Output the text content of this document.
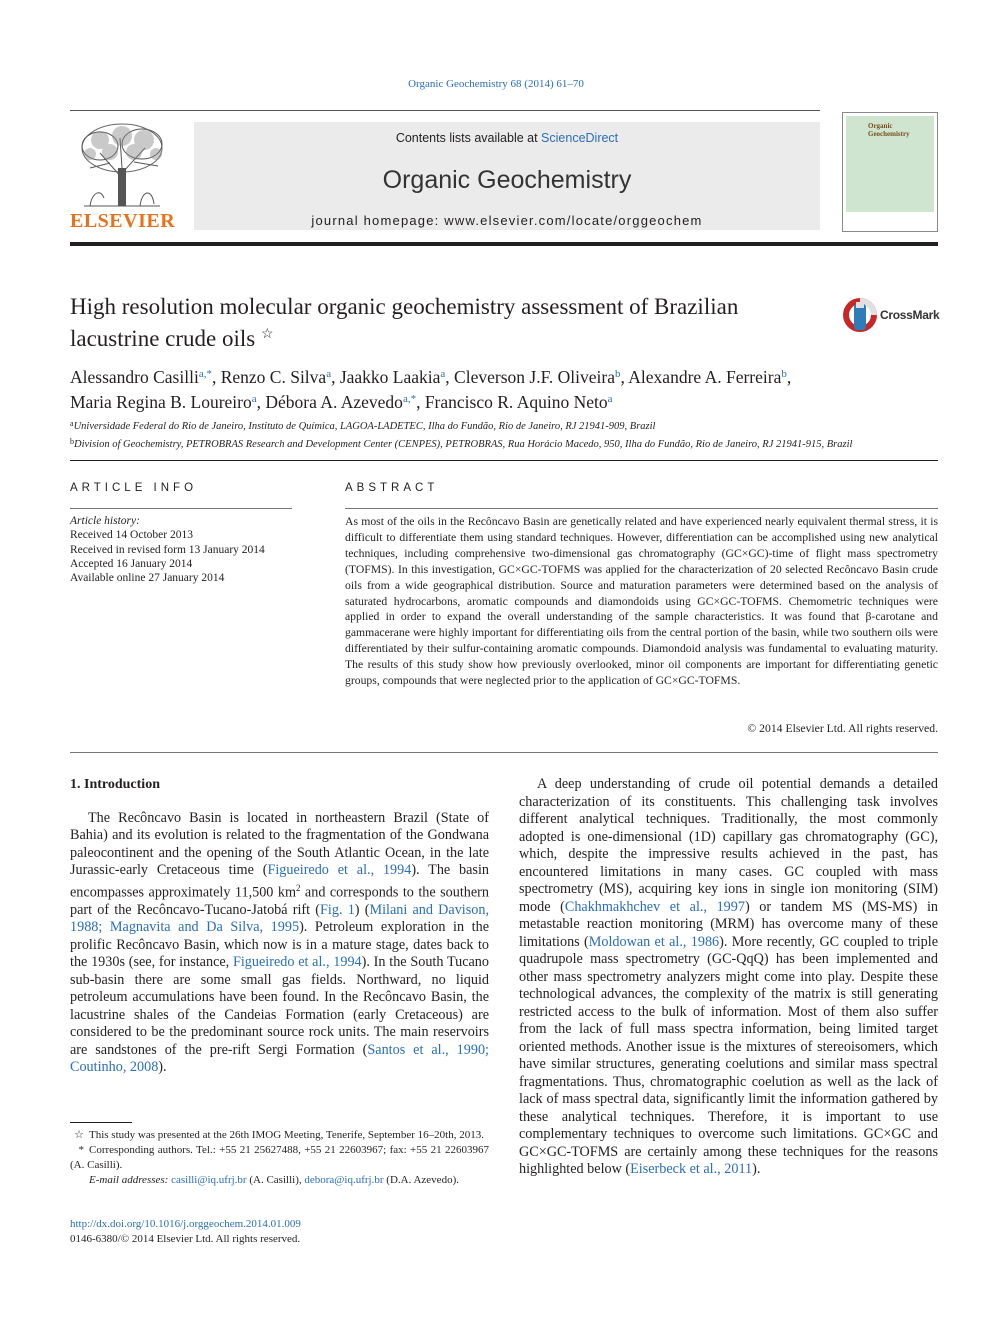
Organic Geochemistry 68 (2014) 61–70
ELSEVIER
Contents lists available at ScienceDirect
Organic Geochemistry
journal homepage: www.elsevier.com/locate/orggeochem
Organic
Geochemistry
High resolution molecular organic geochemistry assessment of Brazilian
lacustrine crude oils ☆
CrossMark
Alessandro Casilli$^{a,*}$, Renzo C. Silva$^a$, Jaakko Laakia$^a$, Cleverson J.F. Oliveira$^b$, Alexandre A. Ferreira$^b$,
Maria Regina B. Loureiro$^a$, Débora A. Azevedo$^{a,*}$, Francisco R. Aquino Neto$^a$
$^a$Universidade Federal do Rio de Janeiro, Instituto de Química, LAGOA-LADETEC, Ilha do Fundão, Rio de Janeiro, RJ 21941-909, Brazil
$^b$Division of Geochemistry, PETROBRAS Research and Development Center (CENPES), PETROBRAS, Rua Horácio Macedo, 950, Ilha do Fundão, Rio de Janeiro, RJ 21941-915, Brazil
ARTICLE INFO	ABSTRACT
Article history:
Received 14 October 2013
Received in revised form 13 January 2014
Accepted 16 January 2014
Available online 27 January 2014
As most of the oils in the Recôncavo Basin are genetically related and have experienced nearly equivalent thermal stress, it is difficult to differentiate them using standard techniques. However, differentiation can be accomplished using new analytical techniques, including comprehensive two-dimensional gas chromatography (GC×GC)-time of flight mass spectrometry (TOFMS). In this investigation, GC×GC-TOFMS was applied for the characterization of 20 selected Recôncavo Basin crude oils from a wide geographical distribution. Source and maturation parameters were determined based on the analysis of saturated hydrocarbons, aromatic compounds and diamondoids using GC×GC-TOFMS. Chemometric techniques were applied in order to expand the overall understanding of the sample characteristics. It was found that β-carotane and gammacerane were highly important for differentiating oils from the central portion of the basin, while two southern oils were differentiated by their sulfur-containing aromatic compounds. Diamondoid analysis was fundamental to evaluating maturity. The results of this study show how previously overlooked, minor oil components are important for differentiating genetic groups, compounds that were neglected prior to the application of GC×GC-TOFMS.
© 2014 Elsevier Ltd. All rights reserved.
1. Introduction

The Recôncavo Basin is located in northeastern Brazil (State of Bahia) and its evolution is related to the fragmentation of the Gondwana paleocontinent and the opening of the South Atlantic Ocean, in the late Jurassic-early Cretaceous time (Figueiredo et al., 1994). The basin encompasses approximately 11,500 $km^2$ and corresponds to the southern part of the Recôncavo-Tucano-Jatobá rift (Fig. 1) (Milani and Davison, 1988; Magnavita and Da Silva, 1995). Petroleum exploration in the prolific Recôncavo Basin, which now is in a mature stage, dates back to the 1930s (see, for instance, Figueiredo et al., 1994). In the South Tucano sub-basin there are some small gas fields. Northward, no liquid petroleum accumulations have been found. In the Recôncavo Basin, the lacustrine shales of the Candeias Formation (early Cretaceous) are considered to be the predominant source rock units. The main reservoirs are sandstones of the pre-rift Sergi Formation (Santos et al., 1990; Coutinho, 2008).

A deep understanding of crude oil potential demands a detailed characterization of its constituents. This challenging task involves different analytical techniques. Traditionally, the most commonly adopted is one-dimensional (1D) capillary gas chromatography (GC), which, despite the impressive results achieved in the past, has encountered limitations in many cases. GC coupled with mass spectrometry (MS), acquiring key ions in single ion monitoring (SIM) mode (Chakhmakhchev et al., 1997) or tandem MS (MS-MS) in metastable reaction monitoring (MRM) has overcome many of these limitations (Moldowan et al., 1986). More recently, GC coupled to triple quadrupole mass spectrometry (GC-QqQ) has been implemented and other mass spectrometry analyzers might come into play. Despite these technological advances, the complexity of the matrix is still generating restricted access to the bulk of information. Most of them also suffer from the lack of full mass spectra information, being limited target oriented methods. Another issue is the mixtures of stereoisomers, which have similar structures, generating coelutions and similar mass spectral fragmentations. Thus, chromatographic coelution as well as the lack of lack of mass spectral data, significantly limit the information gathered by these analytical techniques. Therefore, it is important to use complementary techniques to overcome such limitations. GC×GC and GC×GC-TOFMS are certainly among these techniques for the reasons highlighted below (Eiserbeck et al., 2011).

☆ This study was presented at the 26th IMOG Meeting, Tenerife, September 16–20th, 2013.

* Corresponding authors. Tel.: +55 21 25627488, +55 21 22603967; fax: +55 21 22603967 (A. Casilli).

E-mail addresses: casilli@iq.ufrj.br (A. Casilli), debora@iq.ufrj.br (D.A. Azevedo).

http://dx.doi.org/10.1016/j.orggeochem.2014.01.009
0146-6380/© 2014 Elsevier Ltd. All rights reserved.
